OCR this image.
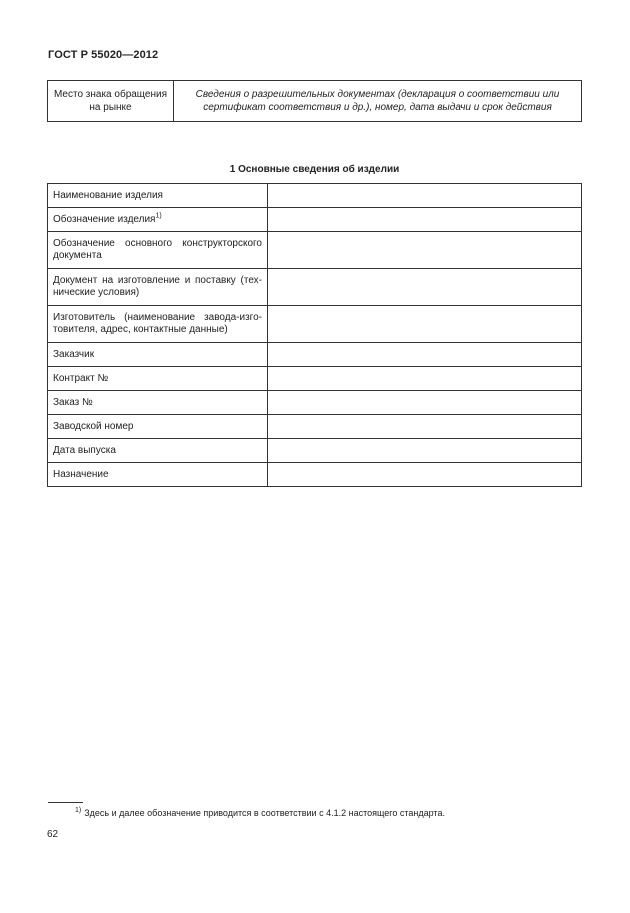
ГОСТ Р 55020—2012
Место знака обращения на рынке	Сведения о разрешительных документах (декларация о соответствии или сертификат соответствия и др.), номер, дата выдачи и срок действия
1 Основные сведения об изделии
Наименование изделия	

Обозначение изделия$^{1)}$	

Обозначение основного конструкторского документа	

Документ на изготовление и поставку (тех-нические условия)	

Изготовитель (наименование завода-изго-товителя, адрес, контактные данные)	

Заказчик	

Контракт №	

Заказ №	

Заводской номер	

Дата выпуска	

Назначение	

$^{1)}$ Здесь и далее обозначение приводится в соответствии с 4.1.2 настоящего стандарта.
62
